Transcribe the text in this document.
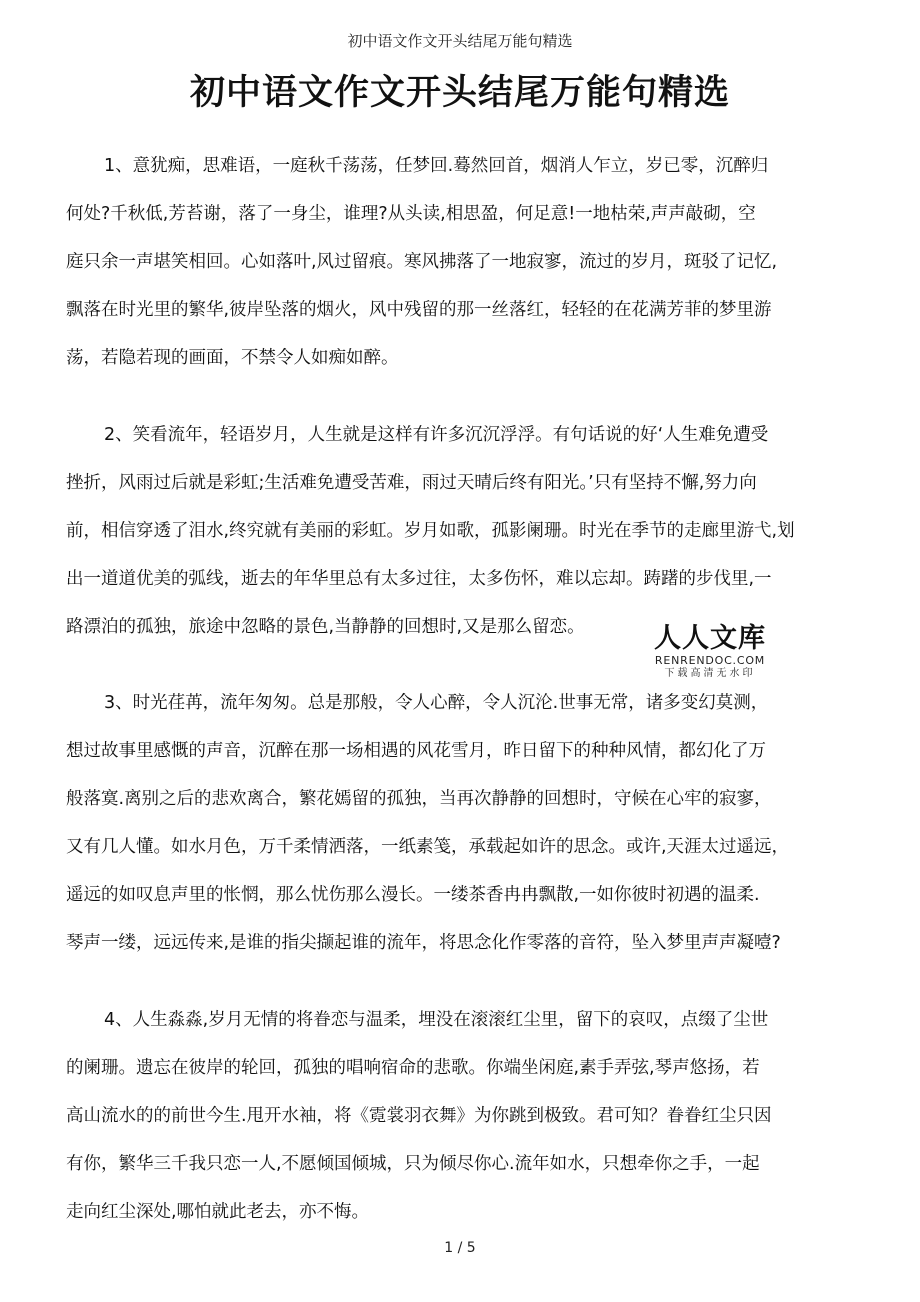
初中语文作文开头结尾万能句精选
初中语文作文开头结尾万能句精选
1、意犹痴，思难语，一庭秋千荡荡，任梦回.蓦然回首，烟消人乍立，岁已零，沉醉归
何处?千秋低,芳苔谢，落了一身尘，谁理?从头读,相思盈，何足意!一地枯荣,声声敲砌，空
庭只余一声堪笑相回。心如落叶,风过留痕。寒风拂落了一地寂寥，流过的岁月，斑驳了记忆,
飘落在时光里的繁华,彼岸坠落的烟火，风中残留的那一丝落红，轻轻的在花满芳菲的梦里游
荡，若隐若现的画面，不禁令人如痴如醉。
2、笑看流年，轻语岁月，人生就是这样有许多沉沉浮浮。有句话说的好‘人生难免遭受
挫折，风雨过后就是彩虹;生活难免遭受苦难，雨过天晴后终有阳光。’只有坚持不懈,努力向
前，相信穿透了泪水,终究就有美丽的彩虹。岁月如歌，孤影阑珊。时光在季节的走廊里游弋,划
出一道道优美的弧线，逝去的年华里总有太多过往，太多伤怀，难以忘却。踌躇的步伐里,一
路漂泊的孤独，旅途中忽略的景色,当静静的回想时,又是那么留恋。	人人文库
RENRENDOC.COM
下载高清无水印
3、时光荏苒，流年匆匆。总是那般，令人心醉，令人沉沦.世事无常，诸多变幻莫测，
想过故事里感慨的声音，沉醉在那一场相遇的风花雪月，昨日留下的种种风情，都幻化了万
般落寞.离别之后的悲欢离合，繁花嫣留的孤独，当再次静静的回想时，守候在心牢的寂寥，
又有几人懂。如水月色，万千柔情洒落，一纸素笺，承载起如许的思念。或许,天涯太过遥远，
遥远的如叹息声里的怅惘，那么忧伤那么漫长。一缕茶香冉冉飘散,一如你彼时初遇的温柔.
琴声一缕，远远传来,是谁的指尖撷起谁的流年，将思念化作零落的音符，坠入梦里声声凝噎?
4、人生淼淼,岁月无情的将眷恋与温柔，埋没在滚滚红尘里，留下的哀叹，点缀了尘世
的阑珊。遗忘在彼岸的轮回，孤独的唱响宿命的悲歌。你端坐闲庭,素手弄弦,琴声悠扬，若
高山流水的的前世今生.甩开水袖，将《霓裳羽衣舞》为你跳到极致。君可知？眷眷红尘只因
有你，繁华三千我只恋一人,不愿倾国倾城，只为倾尽你心.流年如水，只想牵你之手，一起
走向红尘深处,哪怕就此老去，亦不悔。
1 / 5
